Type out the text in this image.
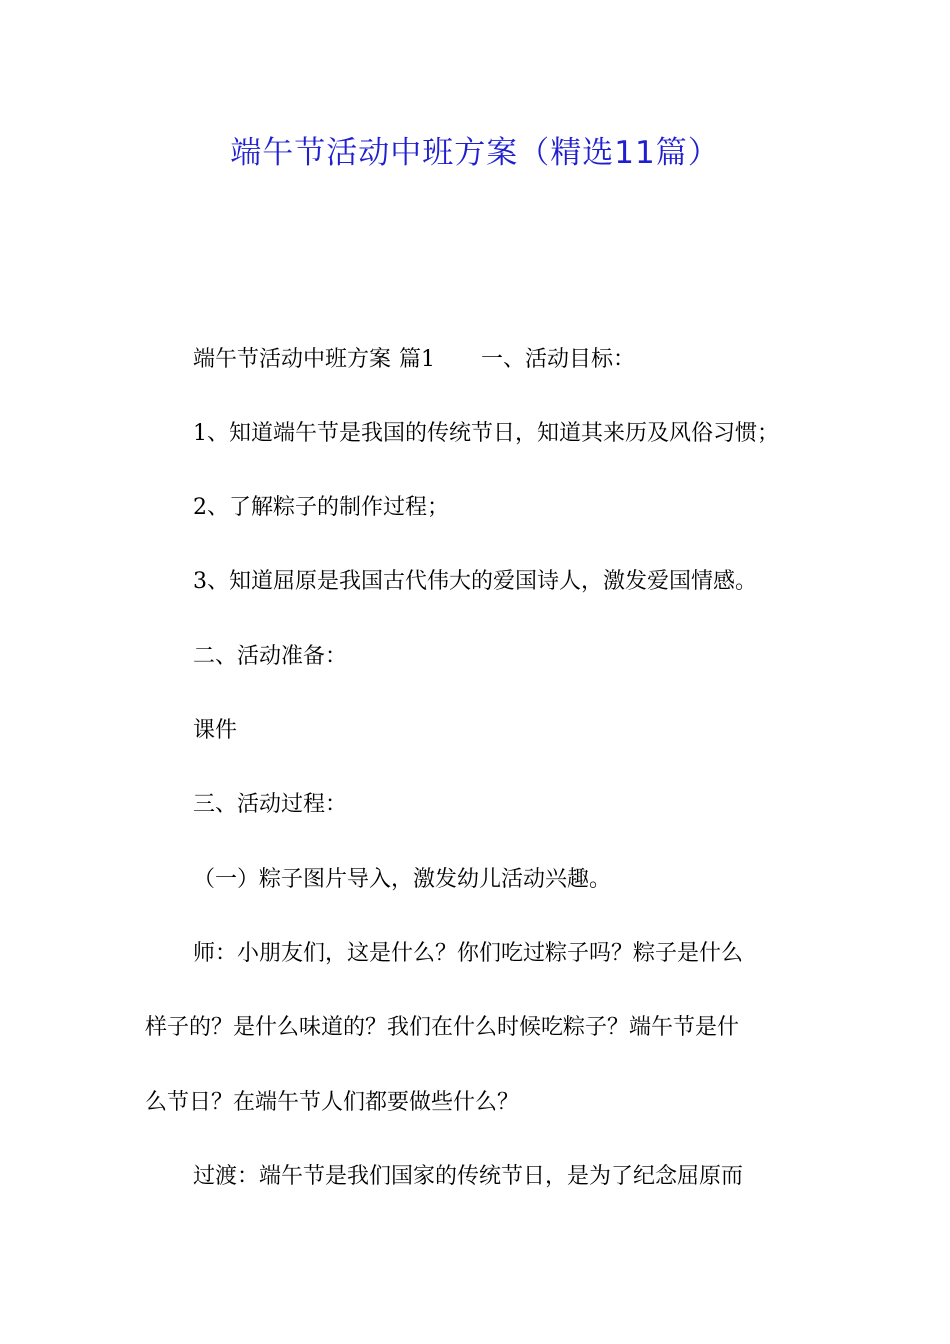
端午节活动中班方案（精选11篇）
端午节活动中班方案 篇1 一、活动目标：
1、知道端午节是我国的传统节日，知道其来历及风俗习惯；
2、了解粽子的制作过程；
3、知道屈原是我国古代伟大的爱国诗人，激发爱国情感。
二、活动准备：
课件
三、活动过程：
（一）粽子图片导入，激发幼儿活动兴趣。
师：小朋友们，这是什么？你们吃过粽子吗？粽子是什么
样子的？是什么味道的？我们在什么时候吃粽子？端午节是什
么节日？在端午节人们都要做些什么？
过渡：端午节是我们国家的传统节日，是为了纪念屈原而
